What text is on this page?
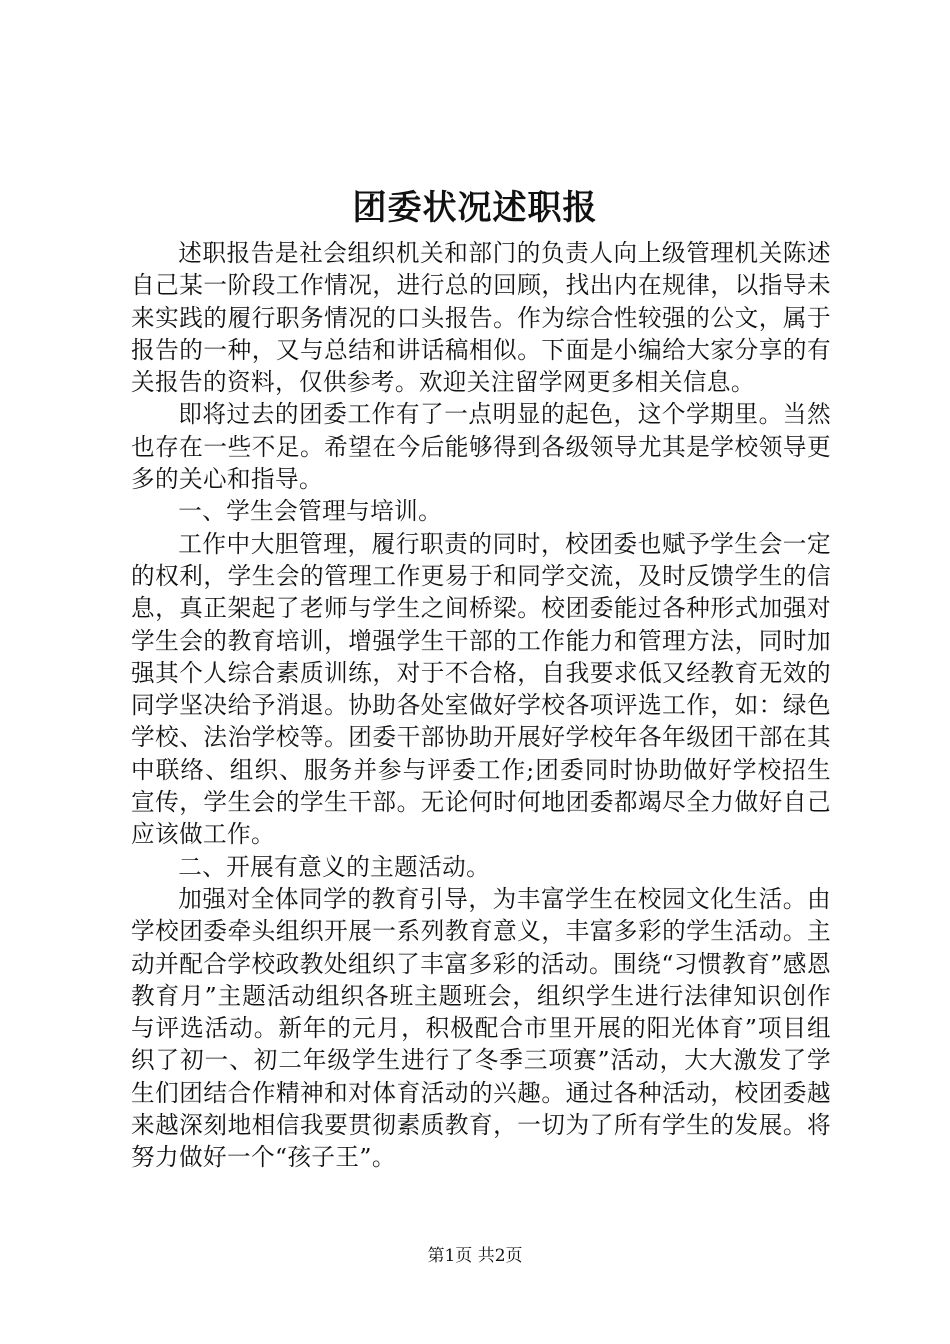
团委状况述职报

述职报告是社会组织机关和部门的负责人向上级管理机关陈述自己某一阶段工作情况，进行总的回顾，找出内在规律，以指导未来实践的履行职务情况的口头报告。作为综合性较强的公文，属于报告的一种，又与总结和讲话稿相似。下面是小编给大家分享的有关报告的资料，仅供参考。欢迎关注留学网更多相关信息。

即将过去的团委工作有了一点明显的起色，这个学期里。当然也存在一些不足。希望在今后能够得到各级领导尤其是学校领导更多的关心和指导。

一、学生会管理与培训。

工作中大胆管理，履行职责的同时，校团委也赋予学生会一定的权利，学生会的管理工作更易于和同学交流，及时反馈学生的信息，真正架起了老师与学生之间桥梁。校团委能过各种形式加强对学生会的教育培训，增强学生干部的工作能力和管理方法，同时加强其个人综合素质训练，对于不合格，自我要求低又经教育无效的同学坚决给予消退。协助各处室做好学校各项评选工作，如：绿色学校、法治学校等。团委干部协助开展好学校年各年级团干部在其中联络、组织、服务并参与评委工作;团委同时协助做好学校招生宣传，学生会的学生干部。无论何时何地团委都竭尽全力做好自己应该做工作。

二、开展有意义的主题活动。

加强对全体同学的教育引导，为丰富学生在校园文化生活。由学校团委牵头组织开展一系列教育意义，丰富多彩的学生活动。主动并配合学校政教处组织了丰富多彩的活动。围绕“习惯教育”感恩教育月”主题活动组织各班主题班会，组织学生进行法律知识创作与评选活动。新年的元月，积极配合市里开展的阳光体育”项目组织了初一、初二年级学生进行了冬季三项赛”活动，大大激发了学生们团结合作精神和对体育活动的兴趣。通过各种活动，校团委越来越深刻地相信我要贯彻素质教育，一切为了所有学生的发展。将努力做好一个“孩子王”。

第1页 共2页
